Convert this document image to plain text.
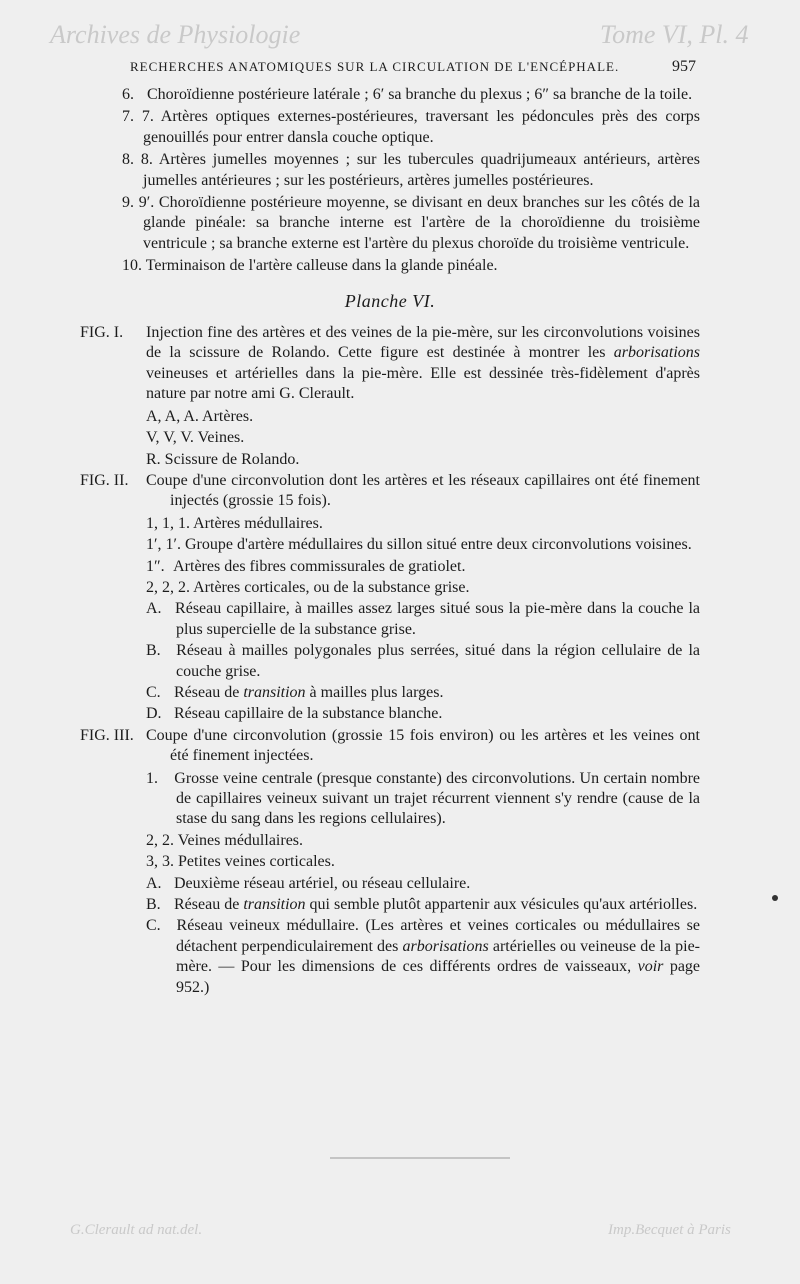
Archives de Physiologie	Tome VI, Pl. 4
G.Clerault ad nat.del.	Imp.Becquet à Paris
RECHERCHES ANATOMIQUES SUR LA CIRCULATION DE L'ENCÉPHALE.	957
6. Choroïdienne postérieure latérale ; 6′ sa branche du plexus ; 6″ sa branche de la toile.
7. 7. Artères optiques externes-postérieures, traversant les pédoncules près des corps genouillés pour entrer dansla couche optique.
8. 8. Artères jumelles moyennes ; sur les tubercules quadrijumeaux antérieurs, artères jumelles antérieures ; sur les postérieurs, artères jumelles postérieures.
9. 9′. Choroïdienne postérieure moyenne, se divisant en deux branches sur les côtés de la glande pinéale: sa branche interne est l'artère de la choroïdienne du troisième ventricule ; sa branche externe est l'artère du plexus choroïde du troisième ventricule.
10. Terminaison de l'artère calleuse dans la glande pinéale.
Planche VI.
FIG. I. Injection fine des artères et des veines de la pie-mère, sur les circonvolutions voisines de la scissure de Rolando. Cette figure est destinée à montrer les arborisations veineuses et artérielles dans la pie-mère. Elle est dessinée très-fidèlement d'après nature par notre ami G. Clerault.
A, A, A. Artères.
V, V, V. Veines.
R. Scissure de Rolando.
FIG. II. Coupe d'une circonvolution dont les artères et les réseaux capillaires ont été finement injectés (grossie 15 fois).
1, 1, 1. Artères médullaires.
1′, 1′. Groupe d'artère médullaires du sillon situé entre deux circonvolutions voisines.
1″. Artères des fibres commissurales de gratiolet.
2, 2, 2. Artères corticales, ou de la substance grise.
A. Réseau capillaire, à mailles assez larges situé sous la pie-mère dans la couche la plus supercielle de la substance grise.
B. Réseau à mailles polygonales plus serrées, situé dans la région cellulaire de la couche grise.
C. Réseau de transition à mailles plus larges.
D. Réseau capillaire de la substance blanche.
FIG. III. Coupe d'une circonvolution (grossie 15 fois environ) ou les artères et les veines ont été finement injectées.
1. Grosse veine centrale (presque constante) des circonvolutions. Un certain nombre de capillaires veineux suivant un trajet récurrent viennent s'y rendre (cause de la stase du sang dans les regions cellulaires).
2, 2. Veines médullaires.
3, 3. Petites veines corticales.
A. Deuxième réseau artériel, ou réseau cellulaire.
B. Réseau de transition qui semble plutôt appartenir aux vésicules qu'aux artériolles.
C. Réseau veineux médullaire. (Les artères et veines corticales ou médullaires se détachent perpendiculairement des arborisations artérielles ou veineuse de la pie-mère. — Pour les dimensions de ces différents ordres de vaisseaux, voir page 952.)
